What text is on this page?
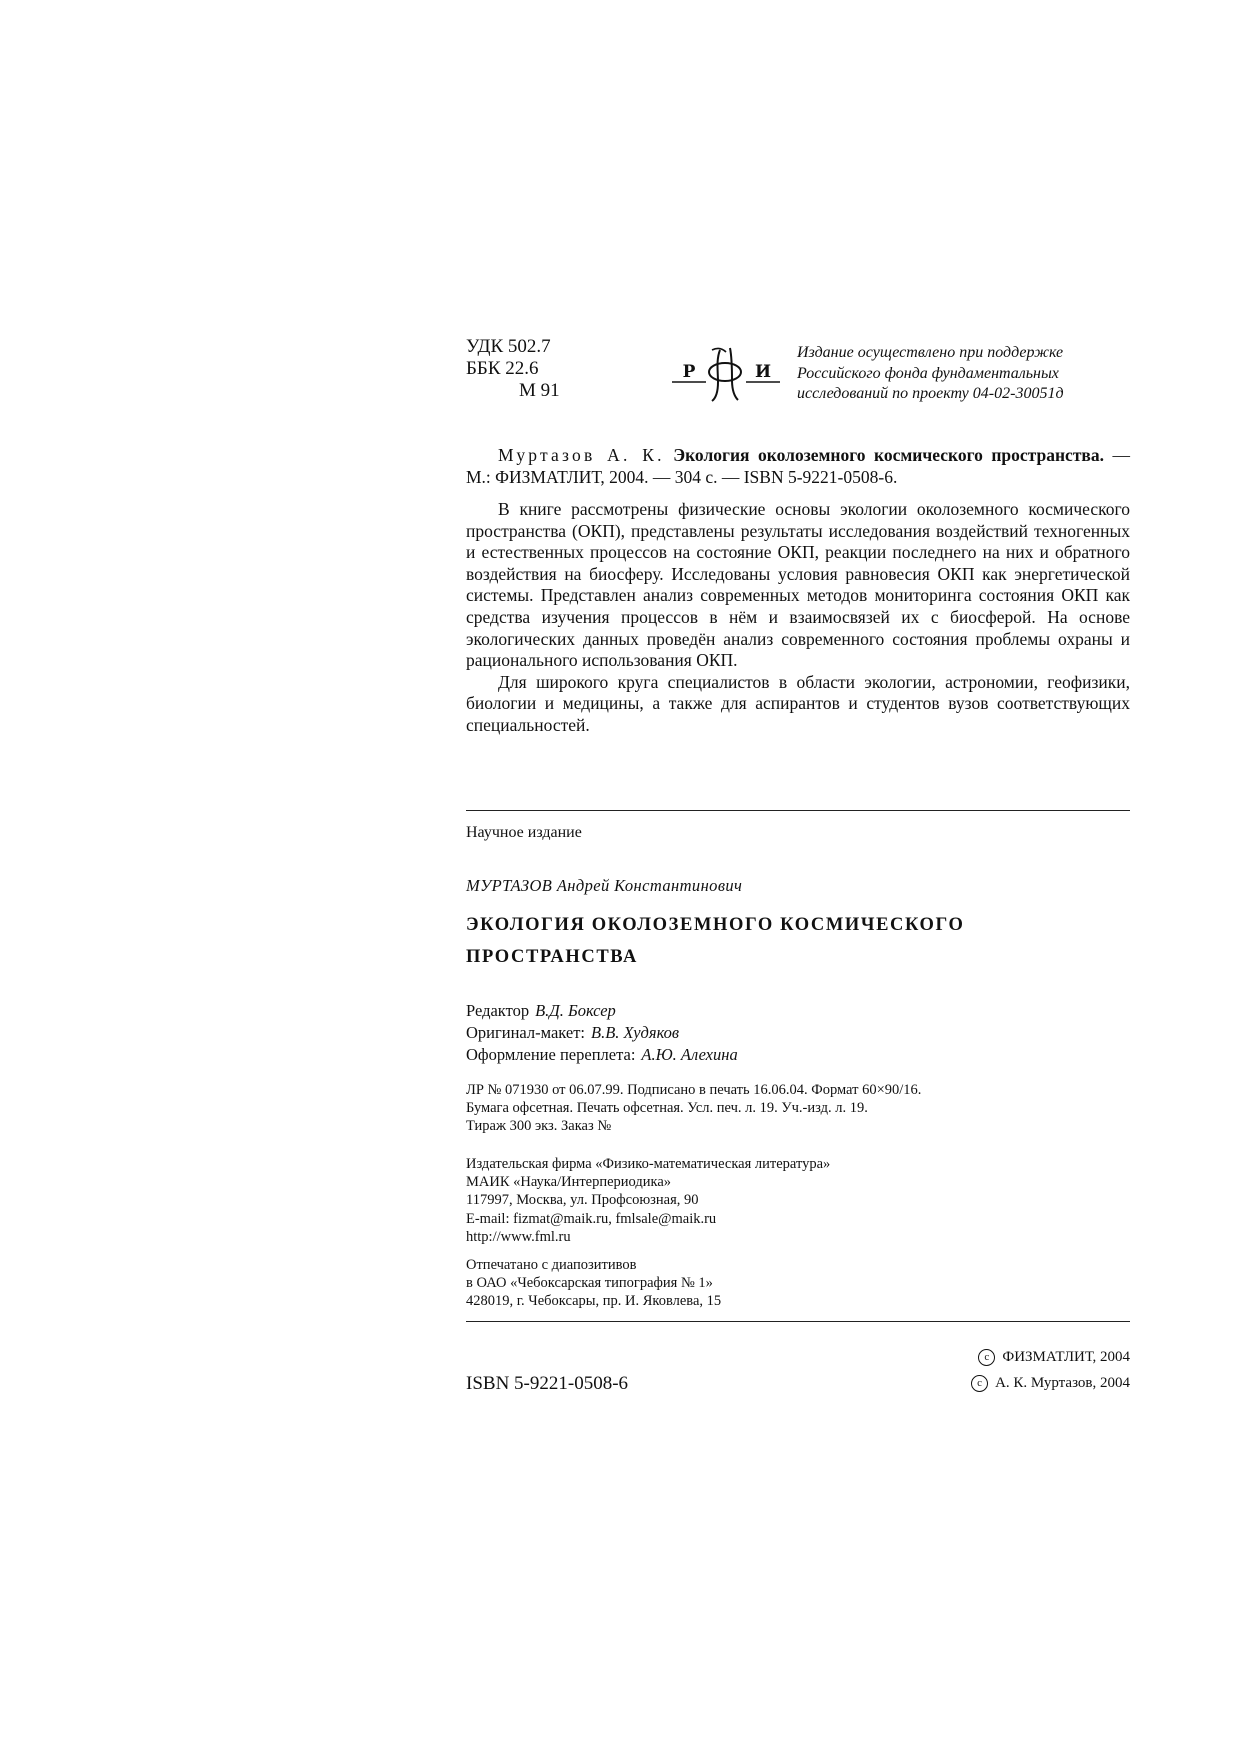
УДК 502.7
ББК 22.6
М 91
Р	И
Издание осуществлено при поддержке
Российского фонда фундаментальных
исследований по проекту 04-02-30051д
Муртазов А. К. Экология околоземного космического пространства. — М.: ФИЗМАТЛИТ, 2004. — 304 с. — ISBN 5-9221-0508-6.

В книге рассмотрены физические основы экологии околоземного космического пространства (ОКП), представлены результаты исследования воздействий техногенных и естественных процессов на состояние ОКП, реакции последнего на них и обратного воздействия на биосферу. Исследованы условия равновесия ОКП как энергетической системы. Представлен анализ современных методов мониторинга состояния ОКП как средства изучения процессов в нём и взаимосвязей их с биосферой. На основе экологических данных проведён анализ современного состояния проблемы охраны и рационального использования ОКП.

Для широкого круга специалистов в области экологии, астрономии, геофизики, биологии и медицины, а также для аспирантов и студентов вузов соответствующих специальностей.

Научное издание
МУРТАЗОВ Андрей Константинович
ЭКОЛОГИЯ ОКОЛОЗЕМНОГО КОСМИЧЕСКОГО
ПРОСТРАНСТВА
Редактор В.Д. Боксер
Оригинал-макет: В.В. Худяков
Оформление переплета: А.Ю. Алехина
ЛР № 071930 от 06.07.99. Подписано в печать 16.06.04. Формат 60×90/16.
Бумага офсетная. Печать офсетная. Усл. печ. л. 19. Уч.-изд. л. 19.
Тираж 300 экз. Заказ №
Издательская фирма «Физико-математическая литература»
МАИК «Наука/Интерпериодика»
117997, Москва, ул. Профсоюзная, 90
E-mail: fizmat@maik.ru, fmlsale@maik.ru
http://www.fml.ru
Отпечатано с диапозитивов
в ОАО «Чебоксарская типография № 1»
428019, г. Чебоксары, пр. И. Яковлева, 15
ISBN 5-9221-0508-6
c ФИЗМАТЛИТ, 2004
c А. К. Муртазов, 2004
